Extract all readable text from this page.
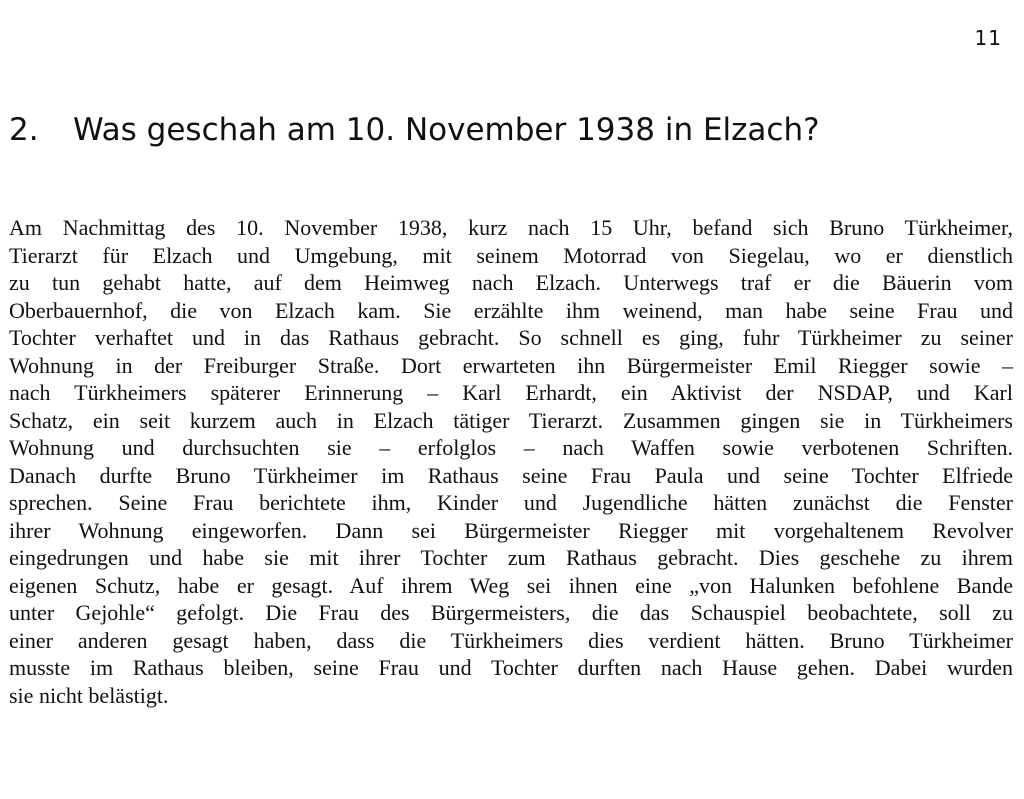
11
2. Was geschah am 10. November 1938 in Elzach?
Am Nachmittag des 10. November 1938, kurz nach 15 Uhr, befand sich Bruno Türkheimer,
Tierarzt für Elzach und Umgebung, mit seinem Motorrad von Siegelau, wo er dienstlich
zu tun gehabt hatte, auf dem Heimweg nach Elzach. Unterwegs traf er die Bäuerin vom
Oberbauernhof, die von Elzach kam. Sie erzählte ihm weinend, man habe seine Frau und
Tochter verhaftet und in das Rathaus gebracht. So schnell es ging, fuhr Türkheimer zu seiner
Wohnung in der Freiburger Straße. Dort erwarteten ihn Bürgermeister Emil Riegger sowie –
nach Türkheimers späterer Erinnerung – Karl Erhardt, ein Aktivist der NSDAP, und Karl
Schatz, ein seit kurzem auch in Elzach tätiger Tierarzt. Zusammen gingen sie in Türkheimers
Wohnung und durchsuchten sie – erfolglos – nach Waffen sowie verbotenen Schriften.
Danach durfte Bruno Türkheimer im Rathaus seine Frau Paula und seine Tochter Elfriede
sprechen. Seine Frau berichtete ihm, Kinder und Jugendliche hätten zunächst die Fenster
ihrer Wohnung eingeworfen. Dann sei Bürgermeister Riegger mit vorgehaltenem Revolver
eingedrungen und habe sie mit ihrer Tochter zum Rathaus gebracht. Dies geschehe zu ihrem
eigenen Schutz, habe er gesagt. Auf ihrem Weg sei ihnen eine „von Halunken befohlene Bande
unter Gejohle“ gefolgt. Die Frau des Bürgermeisters, die das Schauspiel beobachtete, soll zu
einer anderen gesagt haben, dass die Türkheimers dies verdient hätten. Bruno Türkheimer
musste im Rathaus bleiben, seine Frau und Tochter durften nach Hause gehen. Dabei wurden
sie nicht belästigt.
